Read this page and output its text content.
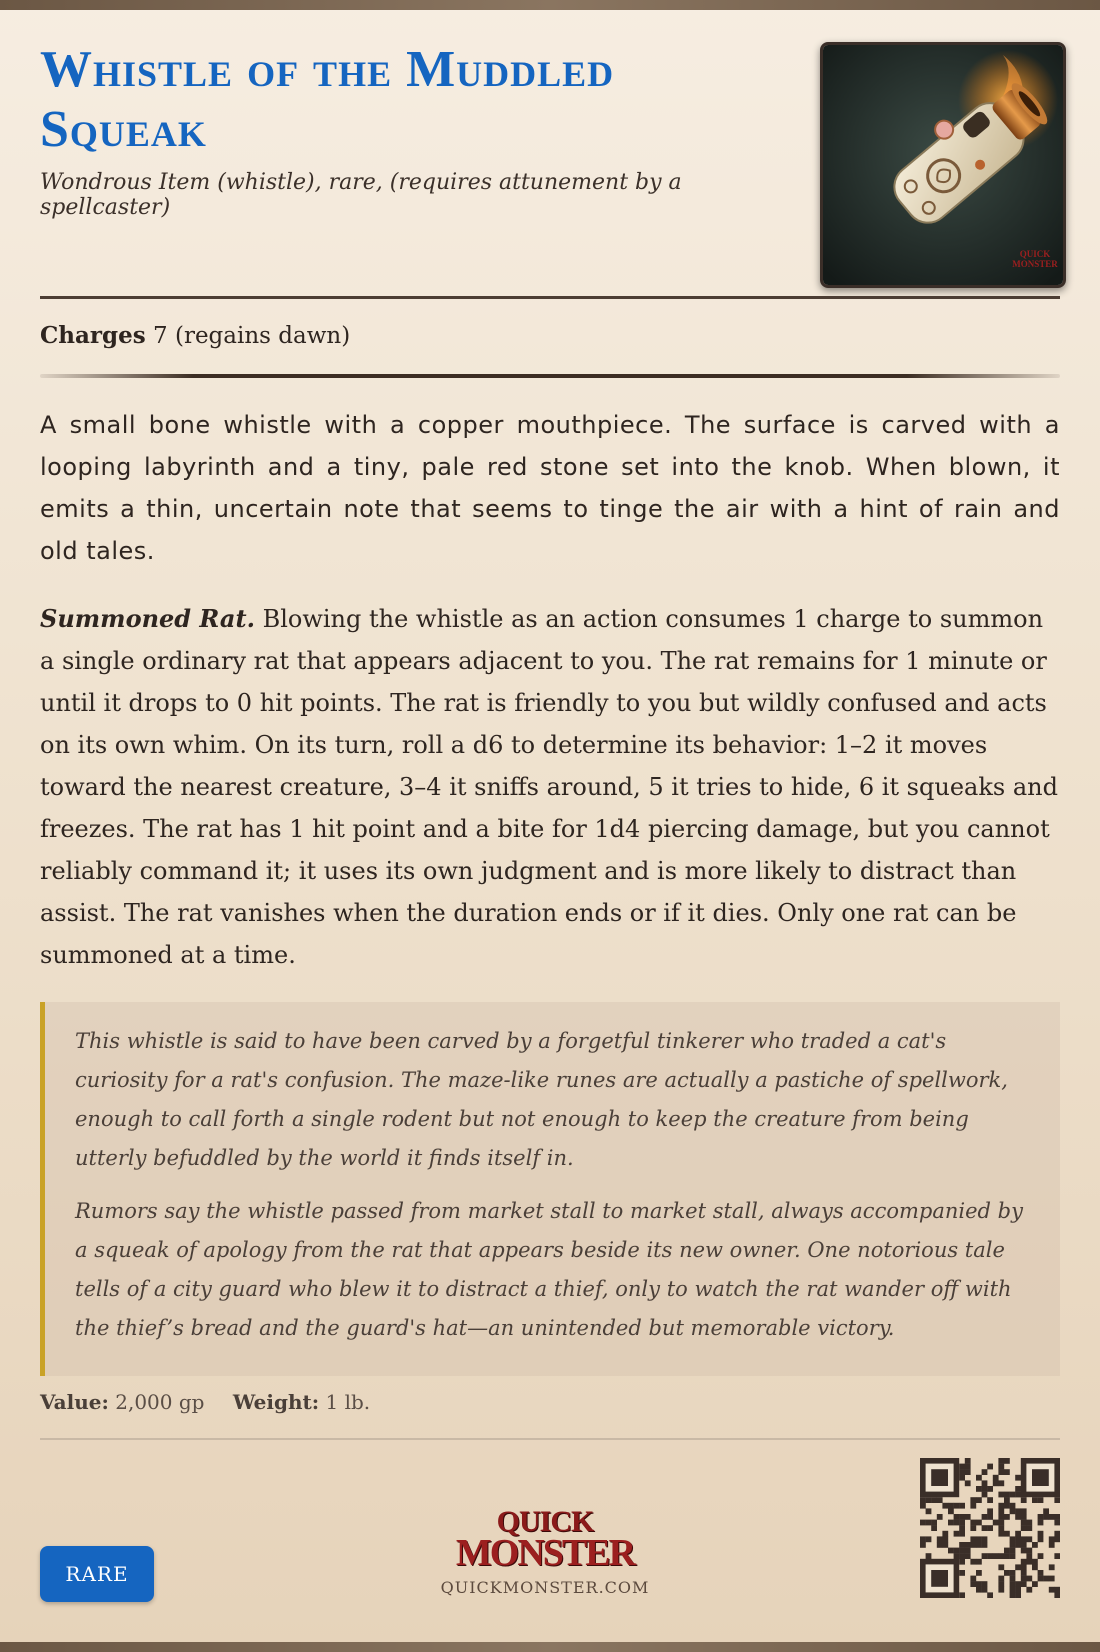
Whistle of the Muddled Squeak

Wondrous Item (whistle), rare, (requires attunement by a spellcaster)

QUICK
MONSTER
Charges 7 (regains dawn)

A small bone whistle with a copper mouthpiece. The surface is carved with a looping labyrinth and a tiny, pale red stone set into the knob. When blown, it emits a thin, uncertain note that seems to tinge the air with a hint of rain and old tales.

Summoned Rat. Blowing the whistle as an action consumes 1 charge to summon a single ordinary rat that appears adjacent to you. The rat remains for 1 minute or until it drops to 0 hit points. The rat is friendly to you but wildly confused and acts on its own whim. On its turn, roll a d6 to determine its behavior: 1–2 it moves toward the nearest creature, 3–4 it sniffs around, 5 it tries to hide, 6 it squeaks and freezes. The rat has 1 hit point and a bite for 1d4 piercing damage, but you cannot reliably command it; it uses its own judgment and is more likely to distract than assist. The rat vanishes when the duration ends or if it dies. Only one rat can be summoned at a time.

This whistle is said to have been carved by a forgetful tinkerer who traded a cat's curiosity for a rat's confusion. The maze-like runes are actually a pastiche of spellwork, enough to call forth a single rodent but not enough to keep the creature from being utterly befuddled by the world it finds itself in.

Rumors say the whistle passed from market stall to market stall, always accompanied by a squeak of apology from the rat that appears beside its new owner. One notorious tale tells of a city guard who blew it to distract a thief, only to watch the rat wander off with the thief’s bread and the guard's hat—an unintended but memorable victory.

Value: 2,000 gp Weight: 1 lb.
RARE
QUICK
MONSTER
QUICKMONSTER.COM
